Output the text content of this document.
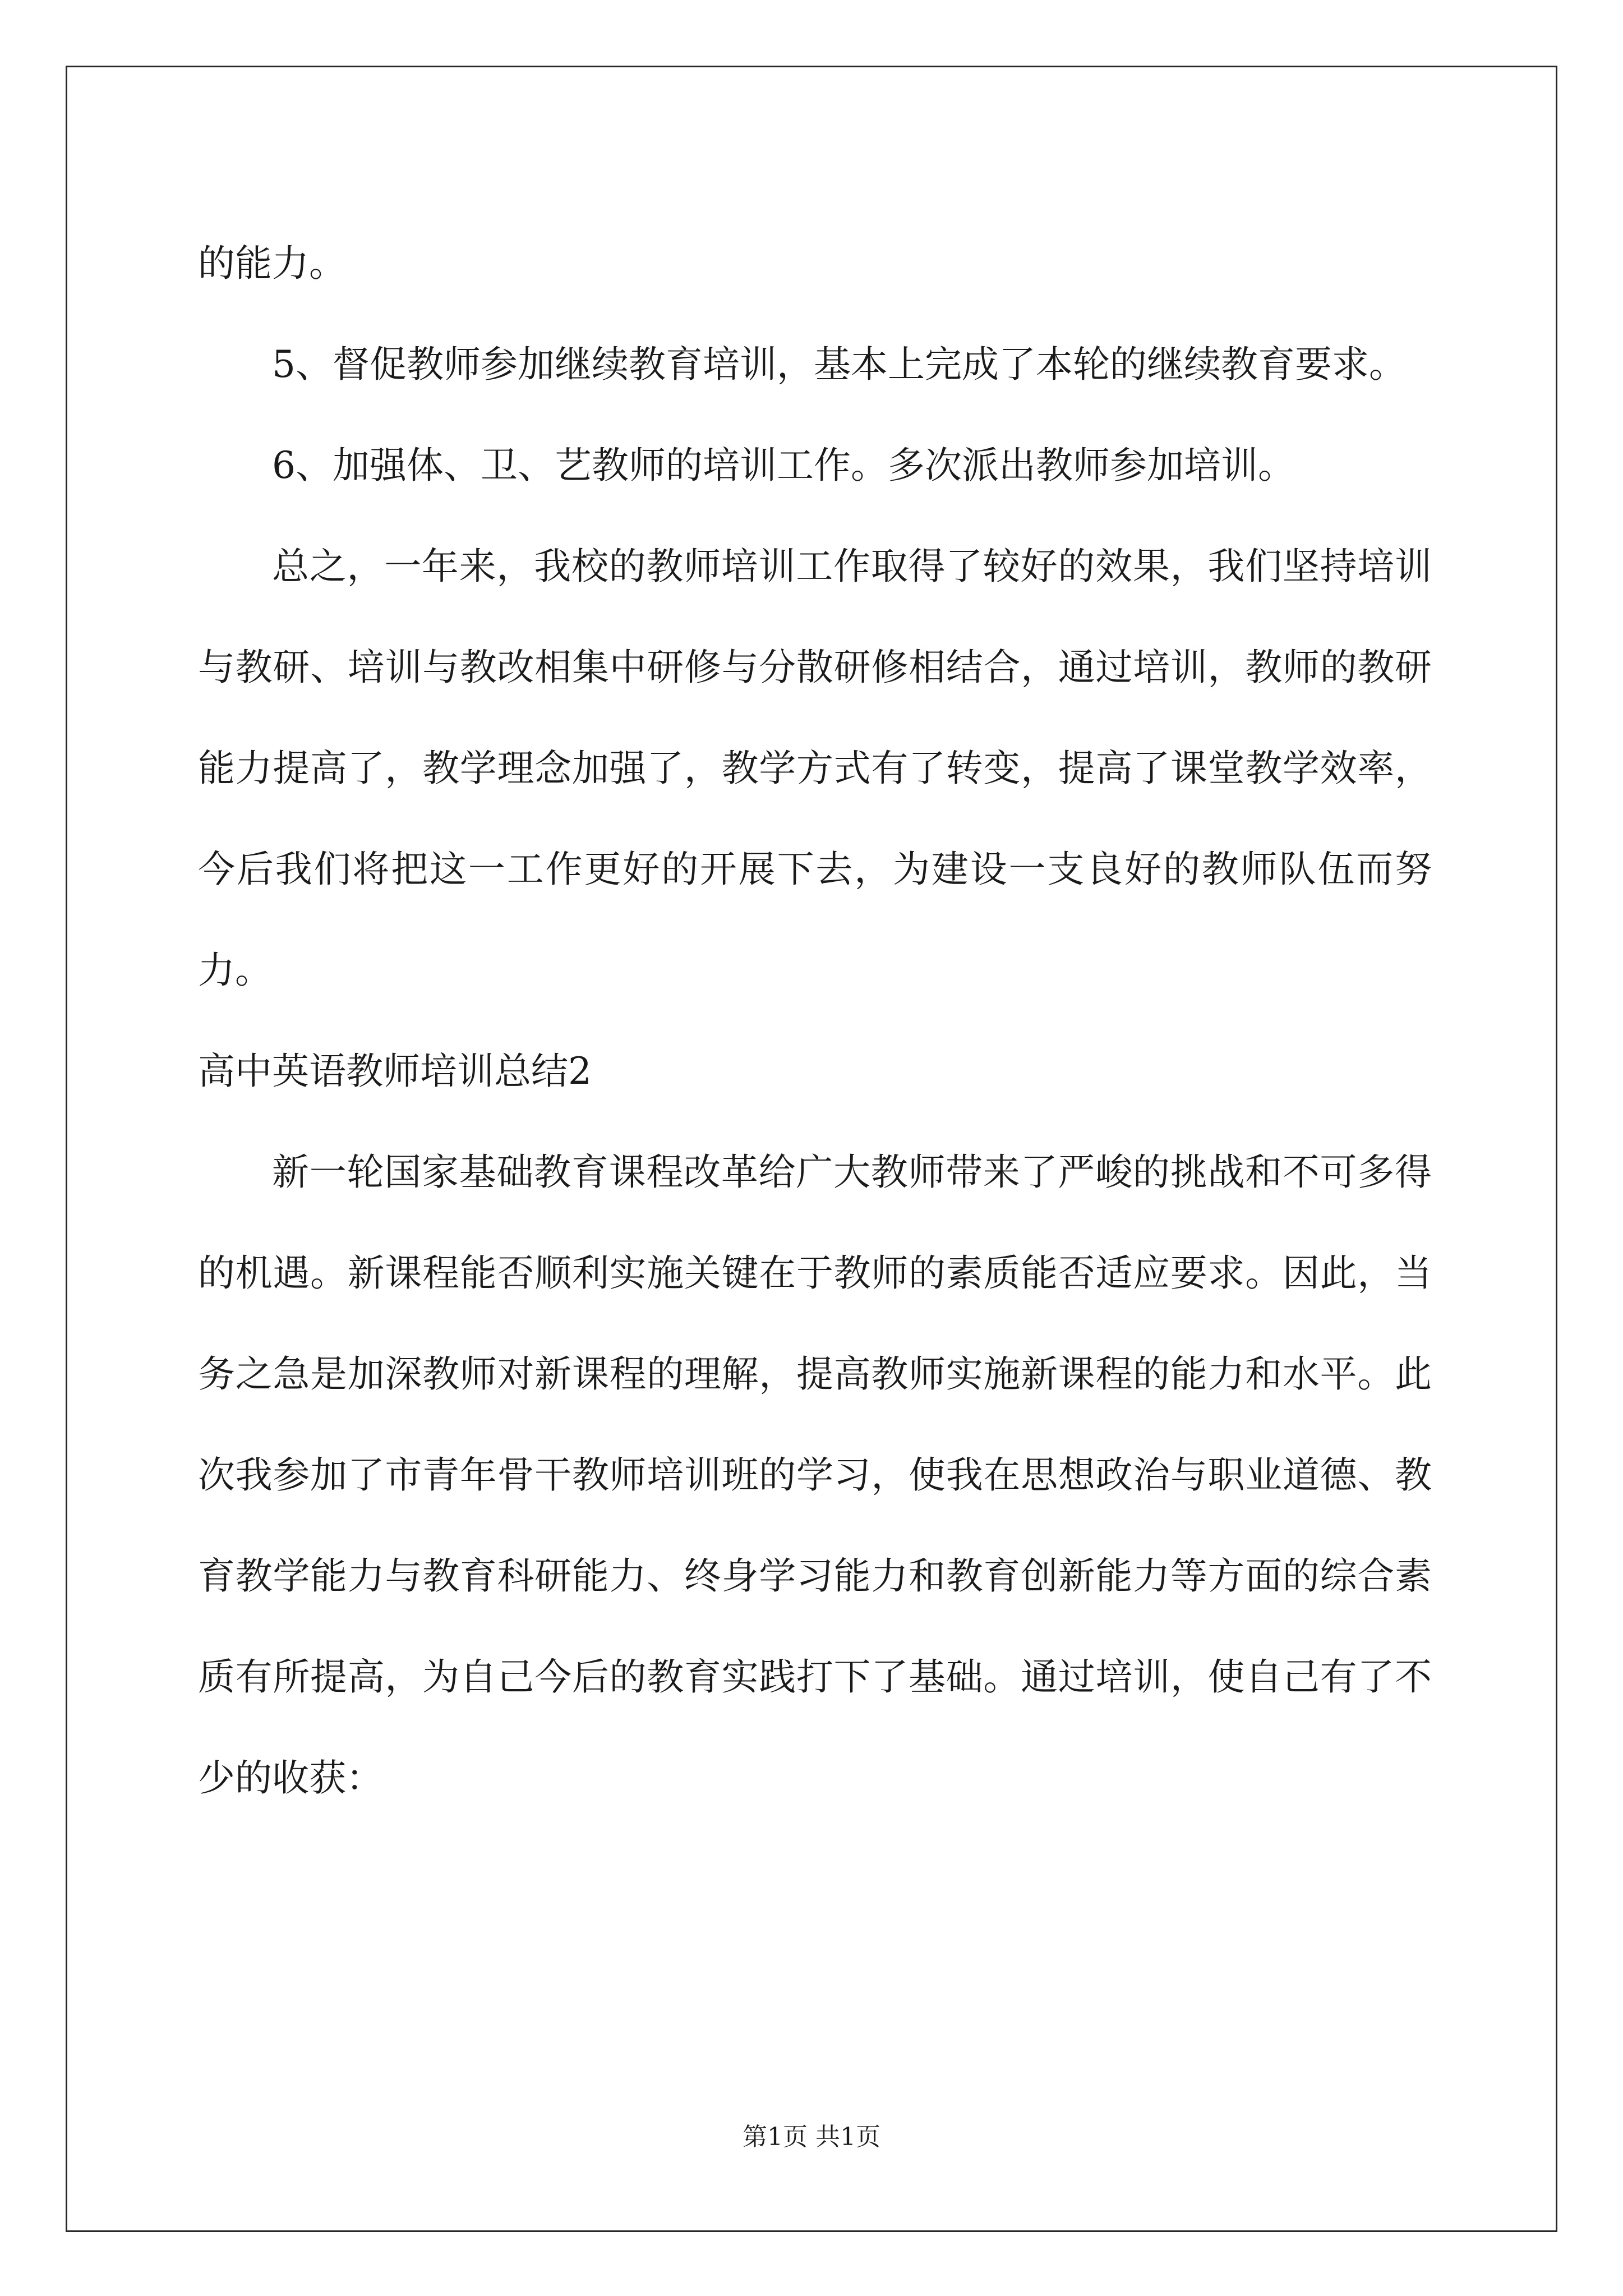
的能力。

5、督促教师参加继续教育培训，基本上完成了本轮的继续教育要求。

6、加强体、卫、艺教师的培训工作。多次派出教师参加培训。

总之，一年来，我校的教师培训工作取得了较好的效果，我们坚持培训与教研、培训与教改相集中研修与分散研修相结合，通过培训，教师的教研能力提高了，教学理念加强了，教学方式有了转变，提高了课堂教学效率，今后我们将把这一工作更好的开展下去，为建设一支良好的教师队伍而努力。

高中英语教师培训总结2

新一轮国家基础教育课程改革给广大教师带来了严峻的挑战和不可多得的机遇。新课程能否顺利实施关键在于教师的素质能否适应要求。因此，当务之急是加深教师对新课程的理解，提高教师实施新课程的能力和水平。此次我参加了市青年骨干教师培训班的学习，使我在思想政治与职业道德、教育教学能力与教育科研能力、终身学习能力和教育创新能力等方面的综合素质有所提高，为自己今后的教育实践打下了基础。通过培训，使自己有了不少的收获：

第1页 共1页
